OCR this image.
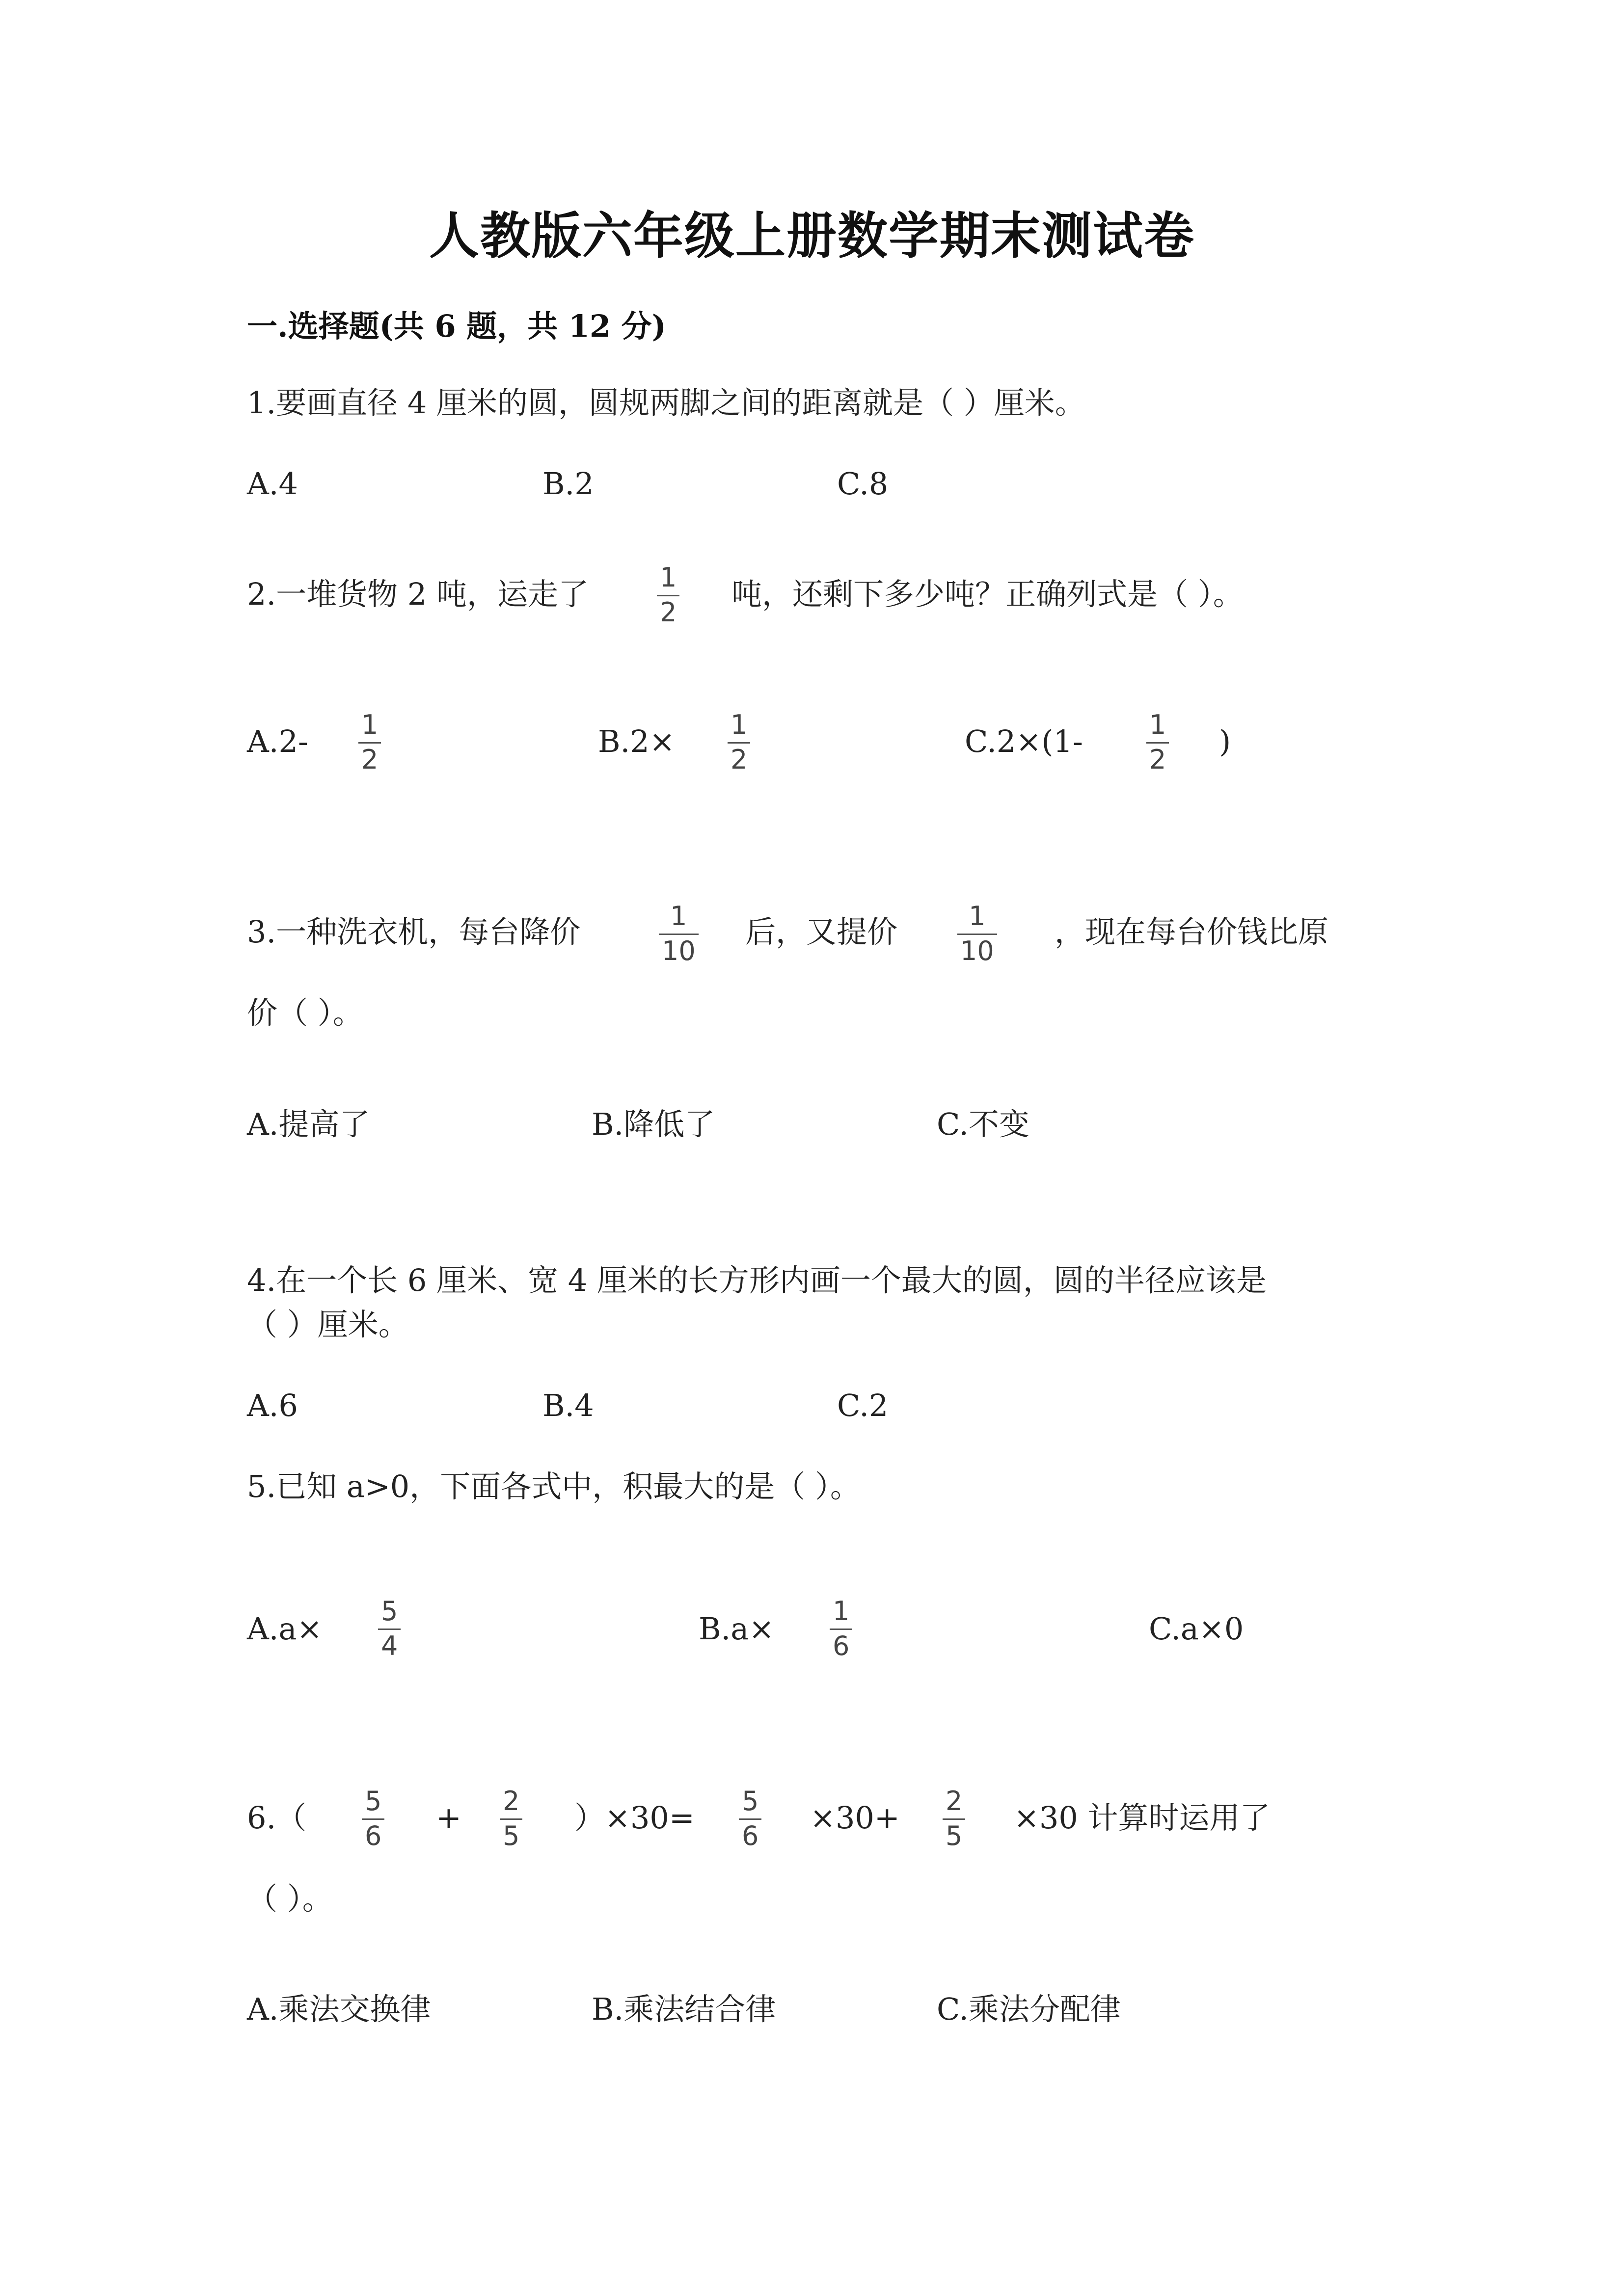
人教版六年级上册数学期末测试卷
一.选择题(共 6 题，共 12 分)
1.要画直径 4 厘米的圆，圆规两脚之间的距离就是（ ）厘米。
A.4	B.2	C.8
2.一堆货物 2 吨，运走了	1
2
吨，还剩下多少吨？正确列式是（ ）。
A.2- 1
2
B.2× 1
2
C.2×(1-	1
2
)
3.一种洗衣机，每台降价	1
10
后，又提价	1
10
，现在每台价钱比原
价（ ）。
A.提高了	B.降低了	C.不变
4.在一个长 6 厘米、宽 4 厘米的长方形内画一个最大的圆，圆的半径应该是
（ ）厘米。
A.6	B.4	C.2
5.已知 a>0，下面各式中，积最大的是（ ）。
A.a× 5
4	B.a× 1
6	C.a×0
6.（ 5
6
+ 2
5
）×30= 5
6
×30+ 2
5
×30 计算时运用了
（ ）。
A.乘法交换律	B.乘法结合律	C.乘法分配律
